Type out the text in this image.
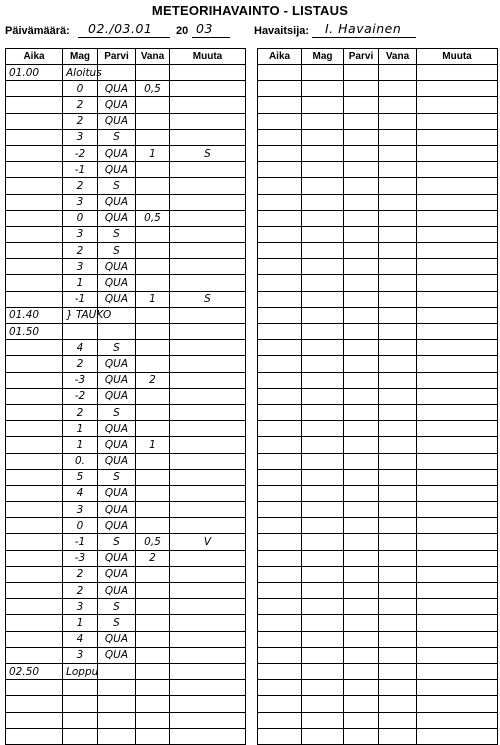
METEORIHAVAINTO - LISTAUS
Päivämäärä: 02./03.01 20 03	Havaitsija: I. Havainen
Aika	Mag	Parvi	Vana	Muuta
01.00	Aloitus			
	0	QUA	0,5	
	2	QUA		
	2	QUA		
	3	S		
	-2	QUA	1	S
	-1	QUA		
	2	S		
	3	QUA		
	0	QUA	0,5	
	3	S		
	2	S		
	3	QUA		
	1	QUA		
	-1	QUA	1	S
01.40	} TAUKO			
01.50				
	4	S		
	2	QUA		
	-3	QUA	2	
	-2	QUA		
	2	S		
	1	QUA		
	1	QUA	1	
	0.	QUA		
	5	S		
	4	QUA		
	3	QUA		
	0	QUA		
	-1	S	0,5	V
	-3	QUA	2	
	2	QUA		
	2	QUA		
	3	S		
	1	S		
	4	QUA		
	3	QUA		
02.50	Loppu			

Aika	Mag	Parvi	Vana	Muuta
